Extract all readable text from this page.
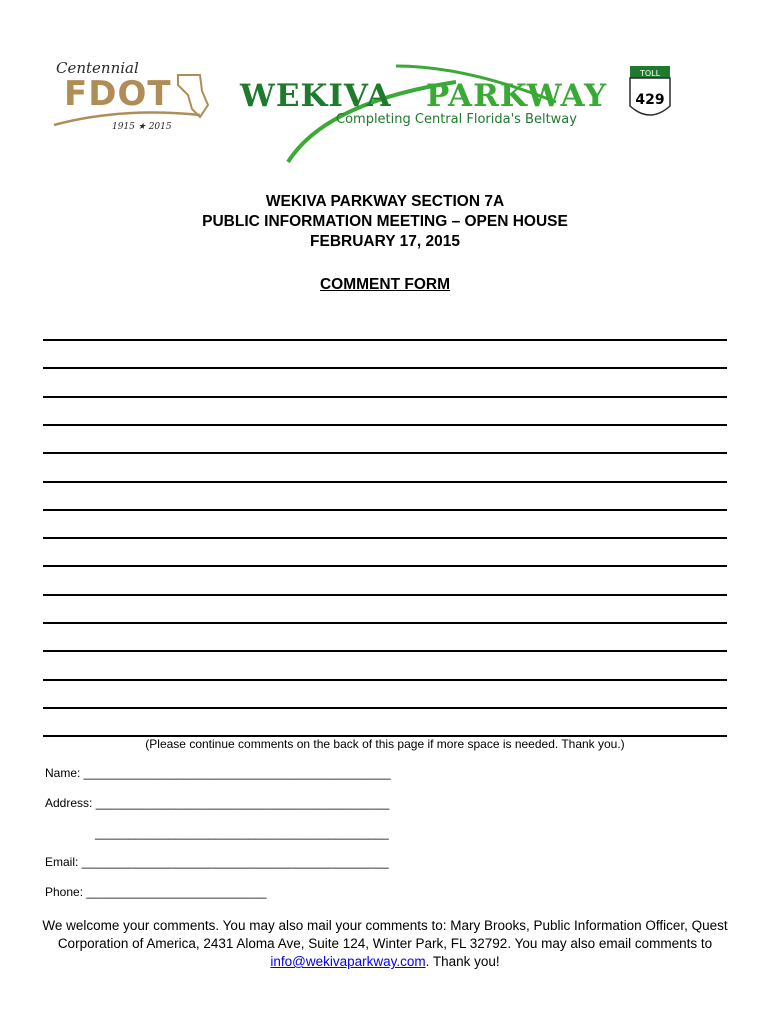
Centennial
FDOT
1915 ★ 2015
WEKIVA PARKWAY
Completing Central Florida's Beltway
TOLL
429
WEKIVA PARKWAY SECTION 7A
PUBLIC INFORMATION MEETING – OPEN HOUSE
FEBRUARY 17, 2015
COMMENT FORM
(Please continue comments on the back of this page if more space is needed. Thank you.)
Name: ______________________________________________
Address: ____________________________________________
____________________________________________
Email: ______________________________________________
Phone: ___________________________
We welcome your comments. You may also mail your comments to: Mary Brooks, Public Information Officer, Quest Corporation of America, 2431 Aloma Ave, Suite 124, Winter Park, FL 32792. You may also email comments to info@wekivaparkway.com. Thank you!
